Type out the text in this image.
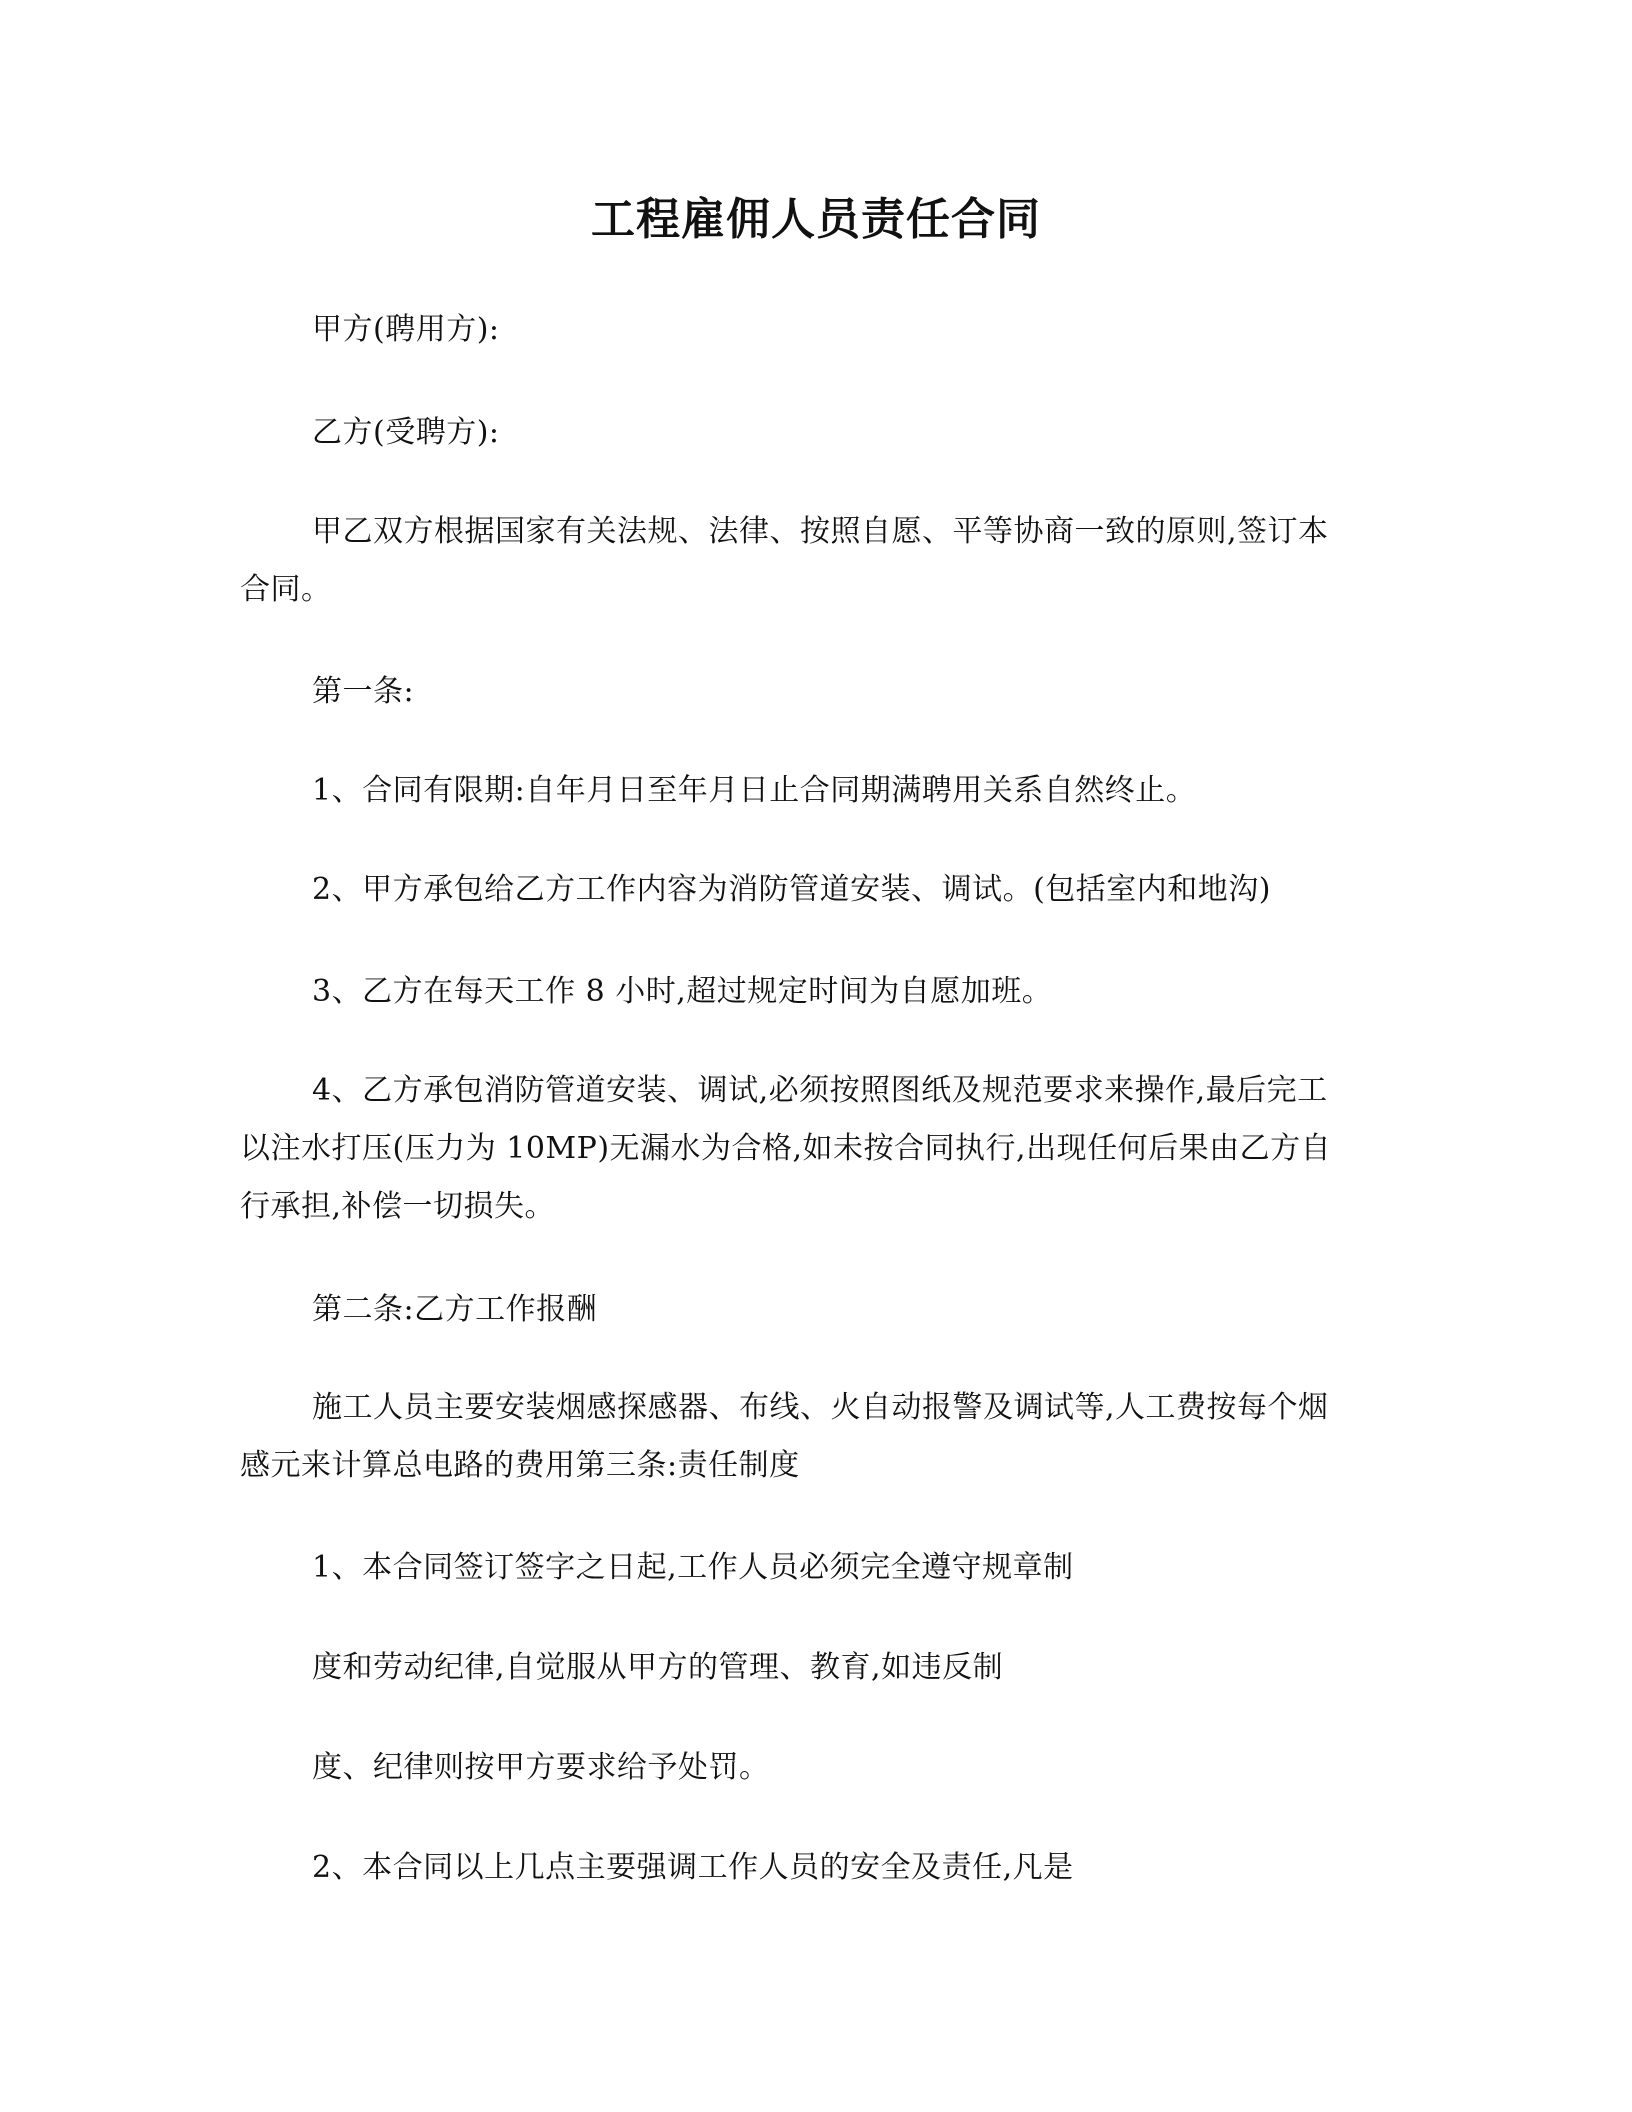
工程雇佣人员责任合同
甲方(聘用方):
乙方(受聘方):
甲乙双方根据国家有关法规、法律、按照自愿、平等协商一致的原则,签订本
合同。
第一条:
1、合同有限期:自年月日至年月日止合同期满聘用关系自然终止。
2、甲方承包给乙方工作内容为消防管道安装、调试。(包括室内和地沟)
3、乙方在每天工作 8 小时,超过规定时间为自愿加班。
4、乙方承包消防管道安装、调试,必须按照图纸及规范要求来操作,最后完工
以注水打压(压力为 10MP)无漏水为合格,如未按合同执行,出现任何后果由乙方自
行承担,补偿一切损失。
第二条:乙方工作报酬
施工人员主要安装烟感探感器、布线、火自动报警及调试等,人工费按每个烟
感元来计算总电路的费用第三条:责任制度
1、本合同签订签字之日起,工作人员必须完全遵守规章制
度和劳动纪律,自觉服从甲方的管理、教育,如违反制
度、纪律则按甲方要求给予处罚。
2、本合同以上几点主要强调工作人员的安全及责任,凡是
